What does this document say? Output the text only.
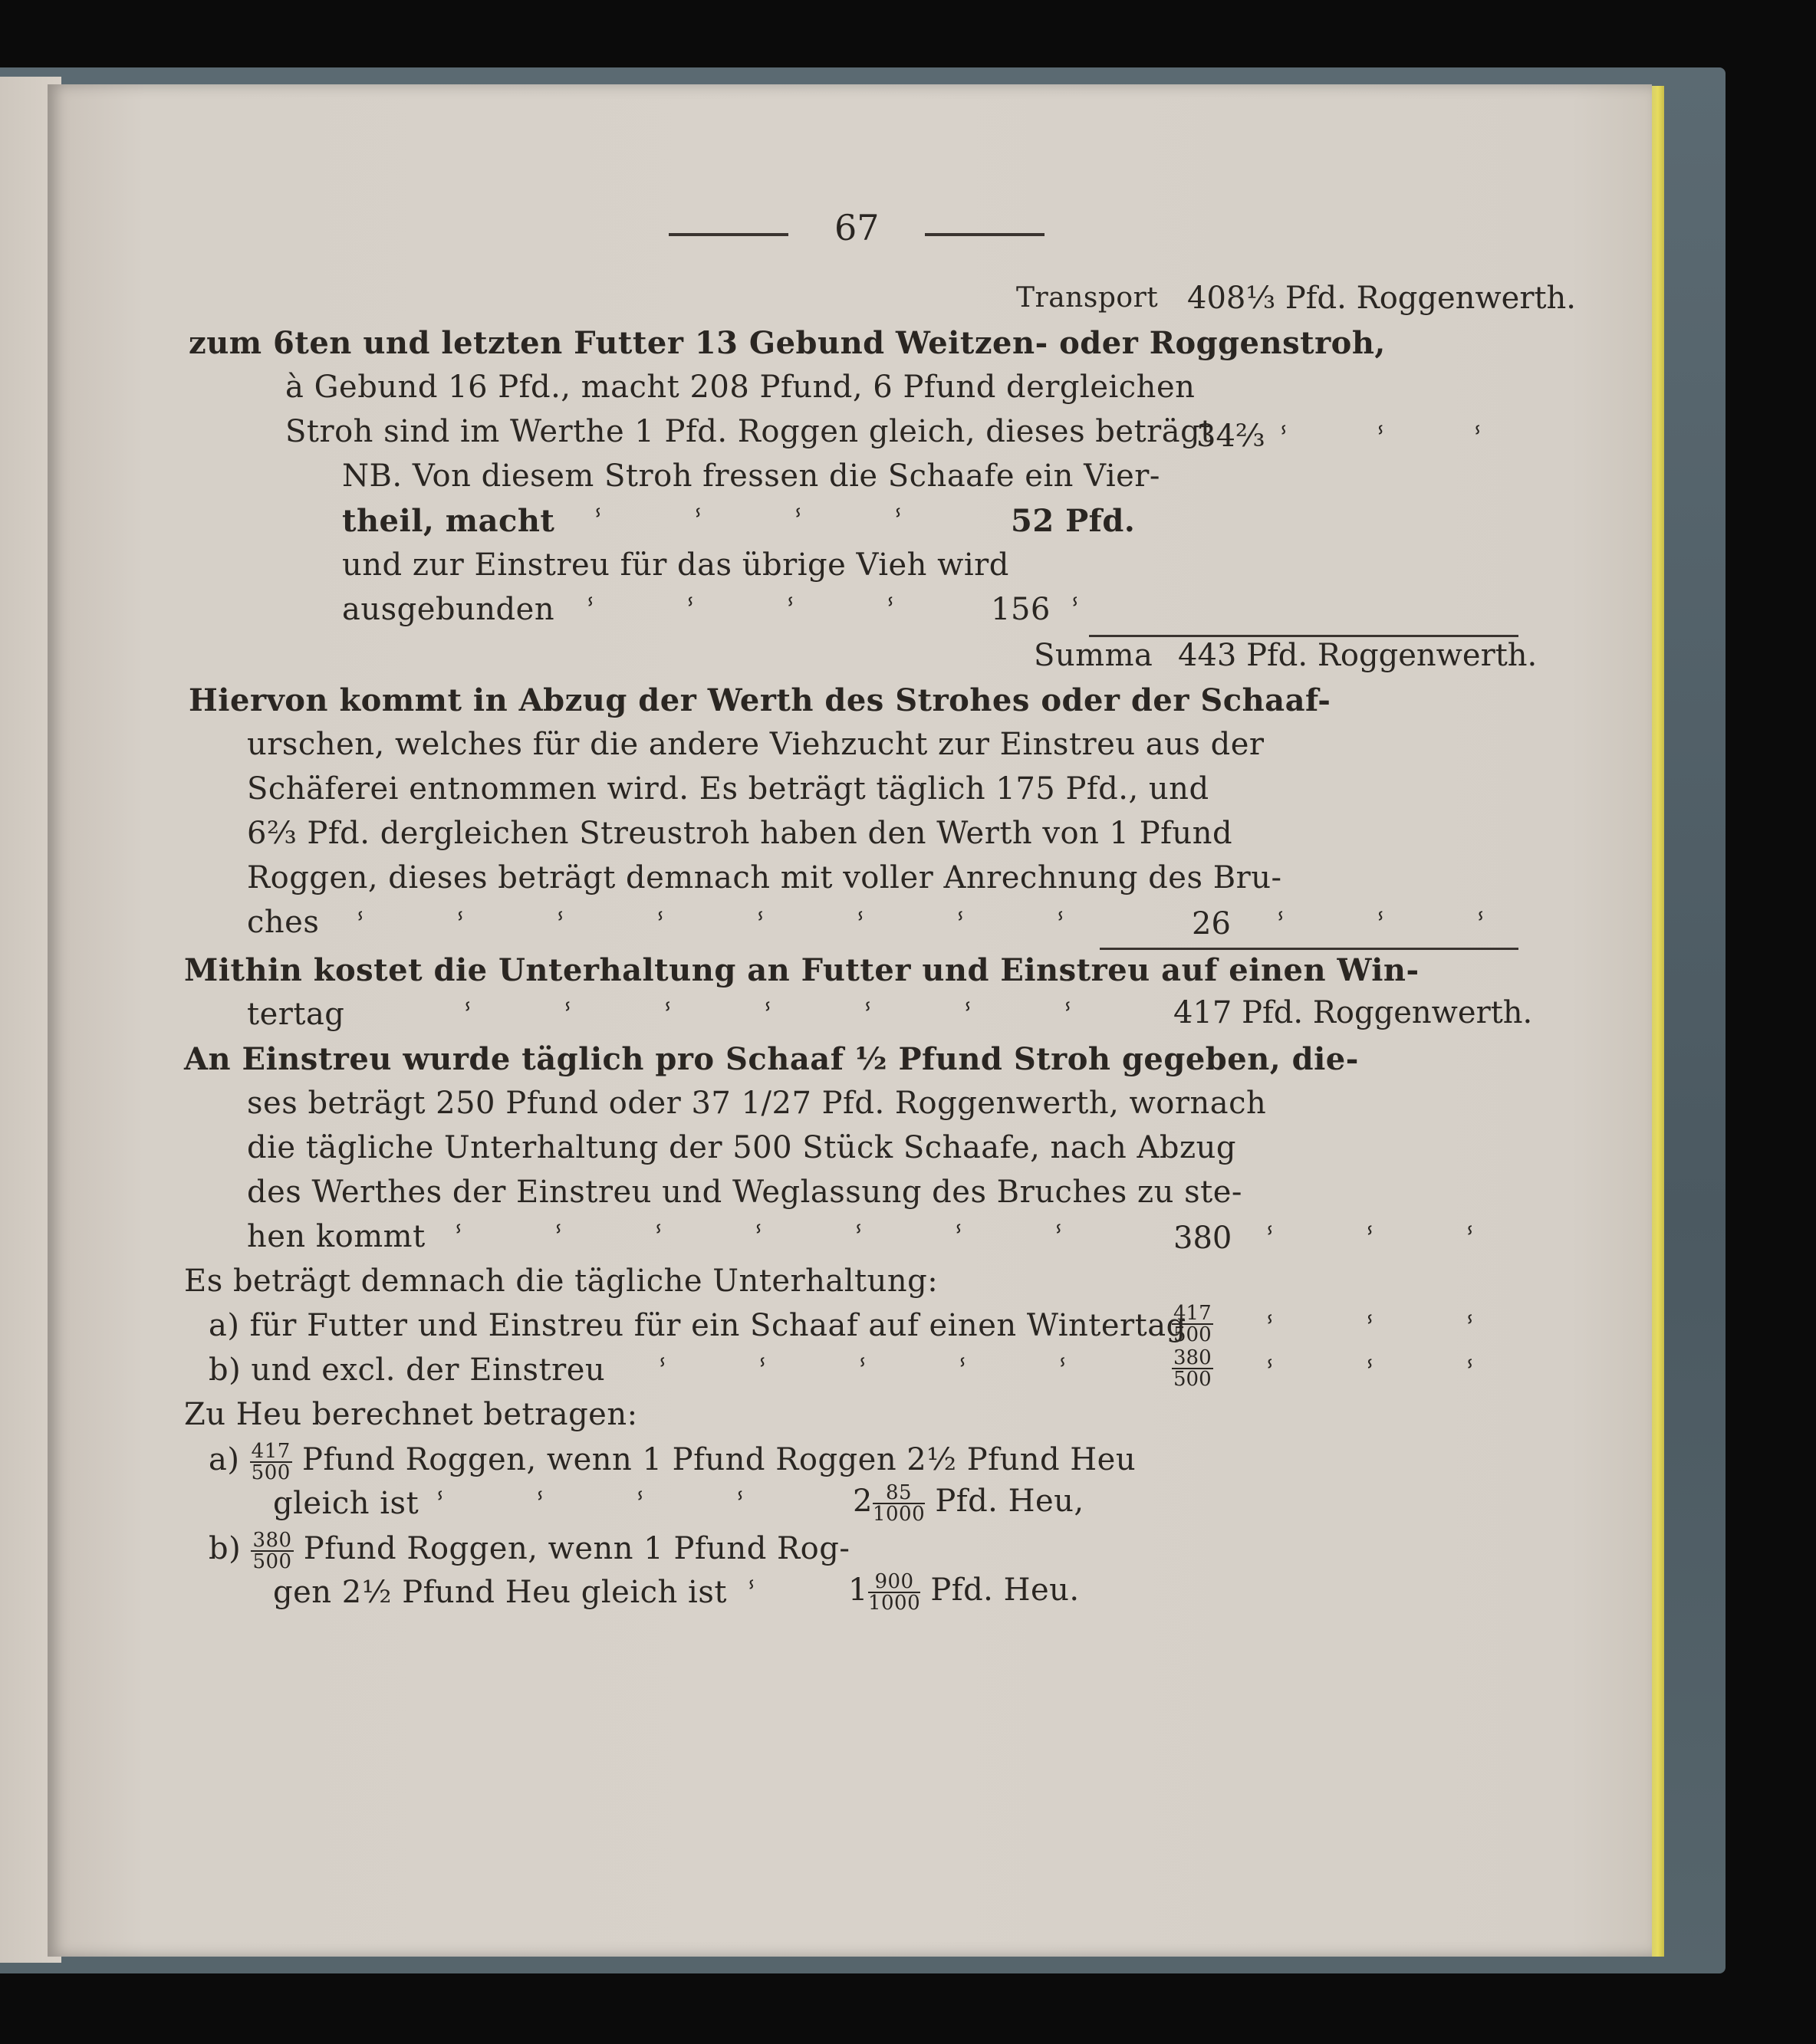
67
Transport 408⅓ Pfd. Roggenwerth.
zum 6ten und letzten Futter 13 Gebund Weitzen- oder Roggenstroh,
à Gebund 16 Pfd., macht 208 Pfund, 6 Pfund dergleichen
Stroh sind im Werthe 1 Pfd. Roggen gleich, dieses beträgt
34⅔ ⸯ ⸯ ⸯ
NB. Von diesem Stroh fressen die Schaafe ein Vier-
theil, macht ⸯ ⸯ ⸯ ⸯ	52 Pfd.
und zur Einstreu für das übrige Vieh wird
ausgebunden ⸯ ⸯ ⸯ ⸯ	156 ⸯ
Summa 443 Pfd. Roggenwerth.
Hiervon kommt in Abzug der Werth des Strohes oder der Schaaf-
urschen, welches für die andere Viehzucht zur Einstreu aus der
Schäferei entnommen wird. Es beträgt täglich 175 Pfd., und
6⅔ Pfd. dergleichen Streustroh haben den Werth von 1 Pfund
Roggen, dieses beträgt demnach mit voller Anrechnung des Bru-
ches ⸯ ⸯ ⸯ ⸯ ⸯ ⸯ ⸯ ⸯ	26 ⸯ ⸯ ⸯ
Mithin kostet die Unterhaltung an Futter und Einstreu auf einen Win-
tertag	ⸯ ⸯ ⸯ ⸯ ⸯ ⸯ ⸯ	417 Pfd. Roggenwerth.
An Einstreu wurde täglich pro Schaaf ½ Pfund Stroh gegeben, die-
ses beträgt 250 Pfund oder 37 1/27 Pfd. Roggenwerth, wornach
die tägliche Unterhaltung der 500 Stück Schaafe, nach Abzug
des Werthes der Einstreu und Weglassung des Bruches zu ste-
hen kommt ⸯ ⸯ ⸯ ⸯ ⸯ ⸯ ⸯ	380 ⸯ ⸯ ⸯ
Es beträgt demnach die tägliche Unterhaltung:
a) für Futter und Einstreu für ein Schaaf auf einen Wintertag
$\frac{417}{500}$ ⸯ ⸯ ⸯ
b) und excl. der Einstreu ⸯ ⸯ ⸯ ⸯ ⸯ	$\frac{380}{500}$ ⸯ ⸯ ⸯ
Zu Heu berechnet betragen:
$a) \frac{417}{500}$ Pfund Roggen, wenn 1 Pfund Roggen 2½ Pfund Heu
gleich ist ⸯ ⸯ ⸯ ⸯ	$2 \frac{85}{1000}$ Pfd. Heu,
$b) \frac{380}{500}$ Pfund Roggen, wenn 1 Pfund Rog-
gen 2½ Pfund Heu gleich ist ⸯ	$1 \frac{900}{1000}$ Pfd. Heu.
